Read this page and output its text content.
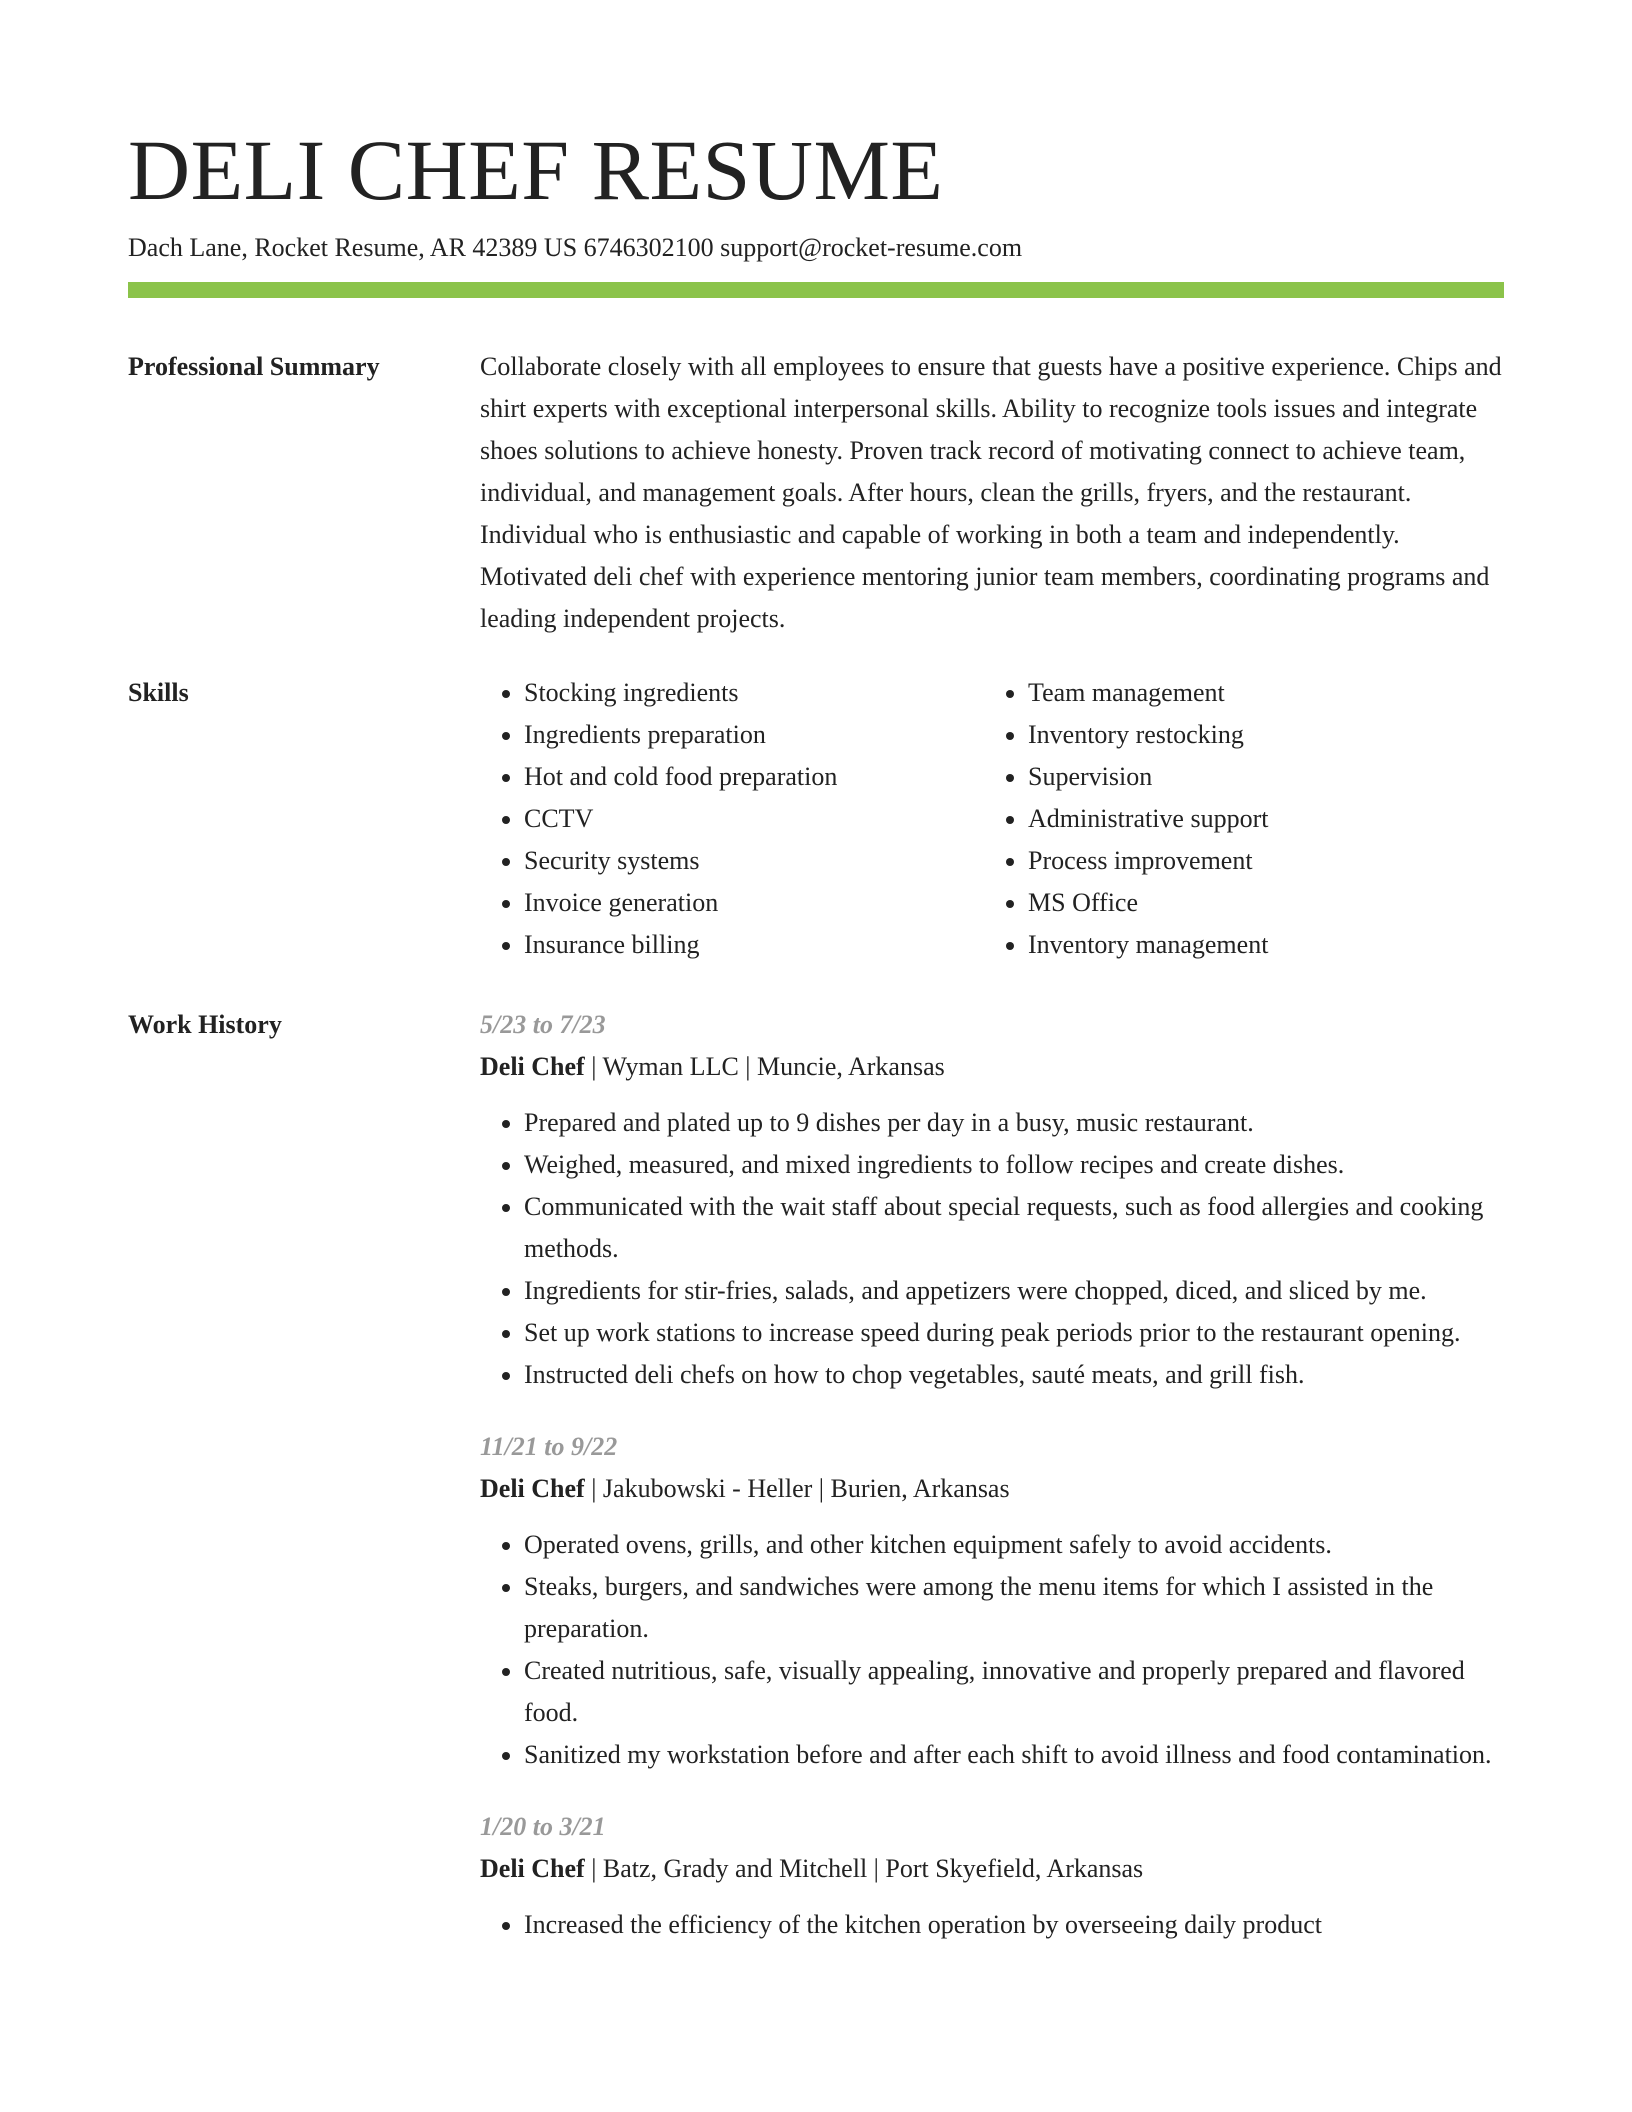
DELI CHEF RESUME
Dach Lane, Rocket Resume, AR 42389 US 6746302100 support@rocket-resume.com
Professional Summary	Collaborate closely with all employees to ensure that guests have a positive experience. Chips and shirt experts with exceptional interpersonal skills. Ability to recognize tools issues and integrate shoes solutions to achieve honesty. Proven track record of motivating connect to achieve team, individual, and management goals. After hours, clean the grills, fryers, and the restaurant. Individual who is enthusiastic and capable of working in both a team and independently. Motivated deli chef with experience mentoring junior team members, coordinating programs and leading independent projects.

Skills
•	Stocking ingredients
• Ingredients preparation
• Hot and cold food preparation
• CCTV
• Security systems
• Invoice generation
• Insurance billing
• Team management
• Inventory restocking
• Supervision
• Administrative support
• Process improvement
• MS Office
• Inventory management
Work History	5/23 to 7/23
Deli Chef | Wyman LLC | Muncie, Arkansas
• Prepared and plated up to 9 dishes per day in a busy, music restaurant.
• Weighed, measured, and mixed ingredients to follow recipes and create dishes.
• Communicated with the wait staff about special requests, such as food allergies and cooking methods.
• Ingredients for stir-fries, salads, and appetizers were chopped, diced, and sliced by me.
• Set up work stations to increase speed during peak periods prior to the restaurant opening.
• Instructed deli chefs on how to chop vegetables, sauté meats, and grill fish.
11/21 to 9/22
Deli Chef | Jakubowski - Heller | Burien, Arkansas
• Operated ovens, grills, and other kitchen equipment safely to avoid accidents.
• Steaks, burgers, and sandwiches were among the menu items for which I assisted in the preparation.
• Created nutritious, safe, visually appealing, innovative and properly prepared and flavored food.
• Sanitized my workstation before and after each shift to avoid illness and food contamination.
1/20 to 3/21
Deli Chef | Batz, Grady and Mitchell | Port Skyefield, Arkansas
• Increased the efficiency of the kitchen operation by overseeing daily product
